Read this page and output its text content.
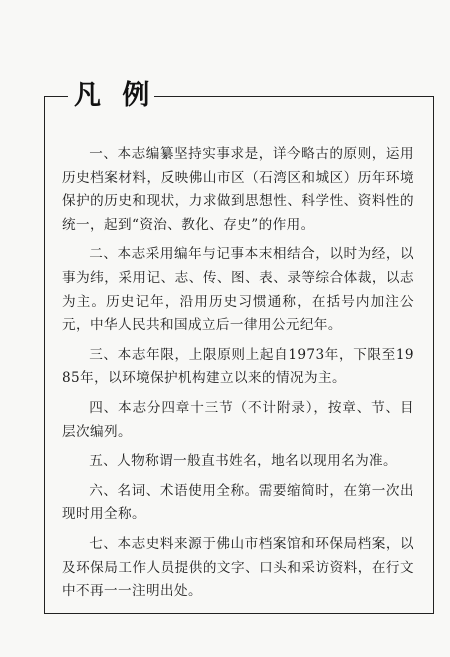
凡 例

一、本志编纂坚持实事求是，详今略古的原则，运用历史档案材料，反映佛山市区（石湾区和城区）历年环境保护的历史和现状，力求做到思想性、科学性、资料性的统一，起到“资治、教化、存史”的作用。

二、本志采用编年与记事本末相结合，以时为经，以事为纬，采用记、志、传、图、表、录等综合体裁，以志为主。历史记年，沿用历史习惯通称，在括号内加注公元，中华人民共和国成立后一律用公元纪年。

三、本志年限，上限原则上起自1973年，下限至1985年，以环境保护机构建立以来的情况为主。

四、本志分四章十三节（不计附录），按章、节、目层次编列。

五、人物称谓一般直书姓名，地名以现用名为准。

六、名词、术语使用全称。需要缩简时，在第一次出现时用全称。

七、本志史料来源于佛山市档案馆和环保局档案，以及环保局工作人员提供的文字、口头和采访资料，在行文中不再一一注明出处。
